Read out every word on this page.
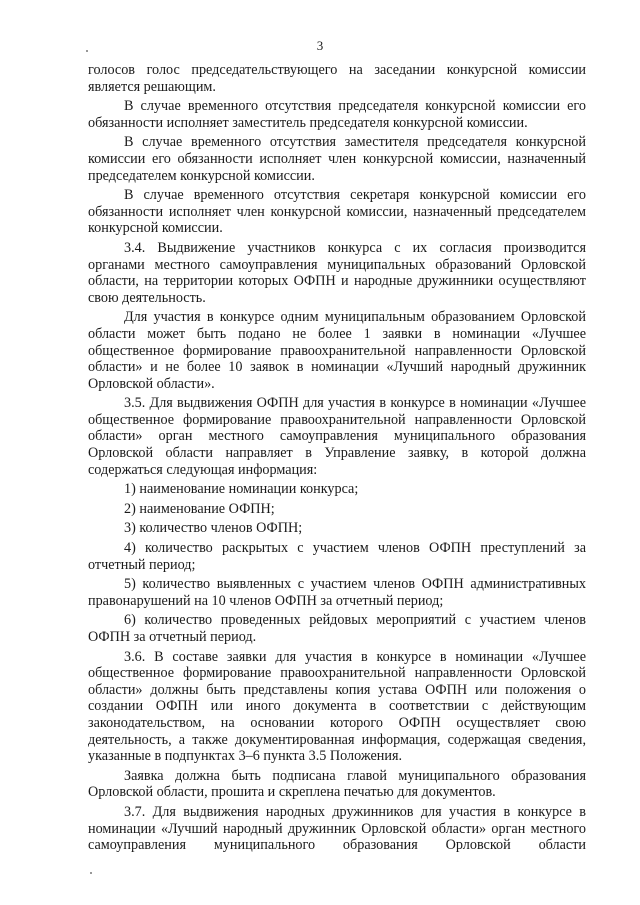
3

голосов голос председательствующего на заседании конкурсной комиссии является решающим.

В случае временного отсутствия председателя конкурсной комиссии его обязанности исполняет заместитель председателя конкурсной комиссии.

В случае временного отсутствия заместителя председателя конкурсной комиссии его обязанности исполняет член конкурсной комиссии, назначенный председателем конкурсной комиссии.

В случае временного отсутствия секретаря конкурсной комиссии его обязанности исполняет член конкурсной комиссии, назначенный председателем конкурсной комиссии.

3.4. Выдвижение участников конкурса с их согласия производится органами местного самоуправления муниципальных образований Орловской области, на территории которых ОФПН и народные дружинники осуществляют свою деятельность.

Для участия в конкурсе одним муниципальным образованием Орловской области может быть подано не более 1 заявки в номинации «Лучшее общественное формирование правоохранительной направленности Орловской области» и не более 10 заявок в номинации «Лучший народный дружинник Орловской области».

3.5. Для выдвижения ОФПН для участия в конкурсе в номинации «Лучшее общественное формирование правоохранительной направленности Орловской области» орган местного самоуправления муниципального образования Орловской области направляет в Управление заявку, в которой должна содержаться следующая информация:

1) наименование номинации конкурса;

2) наименование ОФПН;

3) количество членов ОФПН;

4) количество раскрытых с участием членов ОФПН преступлений за отчетный период;

5) количество выявленных с участием членов ОФПН административных правонарушений на 10 членов ОФПН за отчетный период;

6) количество проведенных рейдовых мероприятий с участием членов ОФПН за отчетный период.

3.6. В составе заявки для участия в конкурсе в номинации «Лучшее общественное формирование правоохранительной направленности Орловской области» должны быть представлены копия устава ОФПН или положения о создании ОФПН или иного документа в соответствии с действующим законодательством, на основании которого ОФПН осуществляет свою деятельность, а также документированная информация, содержащая сведения, указанные в подпунктах 3–6 пункта 3.5 Положения.

Заявка должна быть подписана главой муниципального образования Орловской области, прошита и скреплена печатью для документов.

3.7. Для выдвижения народных дружинников для участия в конкурсе в номинации «Лучший народный дружинник Орловской области» орган местного самоуправления муниципального образования Орловской области
